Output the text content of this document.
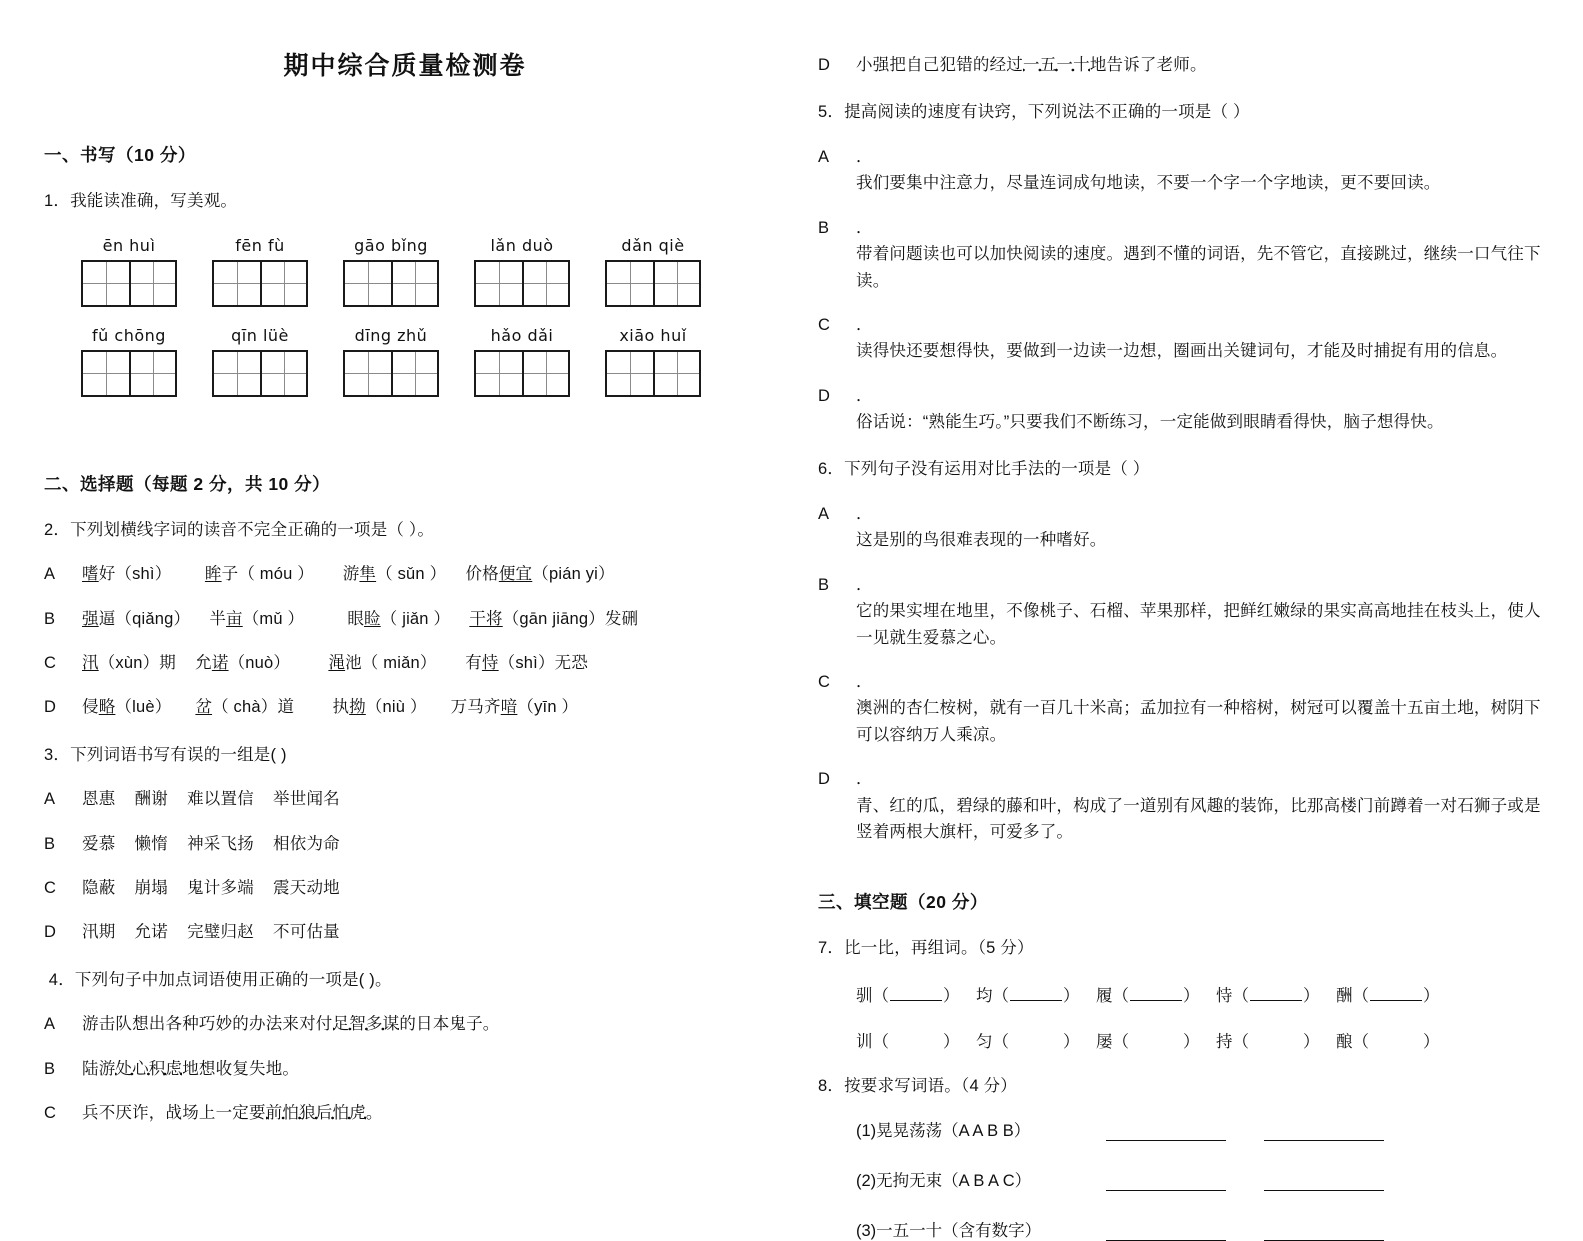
期中综合质量检测卷
一、书写（10 分）
1．我能读准确，写美观。
ēn huì	fēn fù	gāo bǐng	lǎn duò	dǎn qiè
fǔ chōng	qīn lüè	dīng zhǔ	hǎo dǎi	xiāo huǐ
二、选择题（每题 2 分，共 10 分）
2．下列划横线字词的读音不完全正确的一项是（ ）。
A 嗜好（shì） 眸子（ móu ） 游隼（ sǔn ） 价格便宜（pián yi）
B 强逼（qiǎng） 半亩（mǔ ）	眼睑（ jiǎn ） 干将（gān jiāng）发硎
C 汛（xùn）期 允诺（nuò） 渑池（ miǎn） 有恃（shì）无恐
D 侵略（luè） 岔（ chà）道 执拗（niù ） 万马齐喑（yīn ）
3．下列词语书写有误的一组是( )
A 恩惠 酬谢 难以置信 举世闻名
B 爱慕 懒惰 神采飞扬 相依为命
C 隐蔽 崩塌 鬼计多端 震天动地
D 汛期 允诺 完璧归赵 不可估量
4．下列句子中加点词语使用正确的一项是( )。
A 游击队想出各种巧妙的办法来对付足智多谋的日本鬼子。
B 陆游处心积虑地想收复失地。
C 兵不厌诈，战场上一定要前怕狼后怕虎。
D 小强把自己犯错的经过一五一十地告诉了老师。
5．提高阅读的速度有诀窍，下列说法不正确的一项是（ ）
A ．
我们要集中注意力，尽量连词成句地读，不要一个字一个字地读，更不要回读。
B ．
带着问题读也可以加快阅读的速度。遇到不懂的词语，先不管它，直接跳过，继续一口气往下读。
C ．
读得快还要想得快，要做到一边读一边想，圈画出关键词句，才能及时捕捉有用的信息。
D ．
俗话说：“熟能生巧。”只要我们不断练习，一定能做到眼睛看得快，脑子想得快。
6．下列句子没有运用对比手法的一项是（ ）
A ．
这是别的鸟很难表现的一种嗜好。
B ．
它的果实埋在地里，不像桃子、石榴、苹果那样，把鲜红嫩绿的果实高高地挂在枝头上，使人一见就生爱慕之心。
C ．
澳洲的杏仁桉树，就有一百几十米高；孟加拉有一种榕树，树冠可以覆盖十五亩土地，树阴下可以容纳万人乘凉。
D ．
青、红的瓜，碧绿的藤和叶，构成了一道别有风趣的装饰，比那高楼门前蹲着一对石狮子或是竖着两根大旗杆，可爱多了。
三、填空题（20 分）
7．比一比，再组词。（5 分）
驯（	）	均（	）	履（	）	恃（	）	酬（	）
训（	）	匀（	）	屡（	）	持（	）	酿（	）
8．按要求写词语。（4 分）
(1)晃晃荡荡（A A B B）
(2)无拘无束（A B A C）
(3)一五一十（含有数字）
